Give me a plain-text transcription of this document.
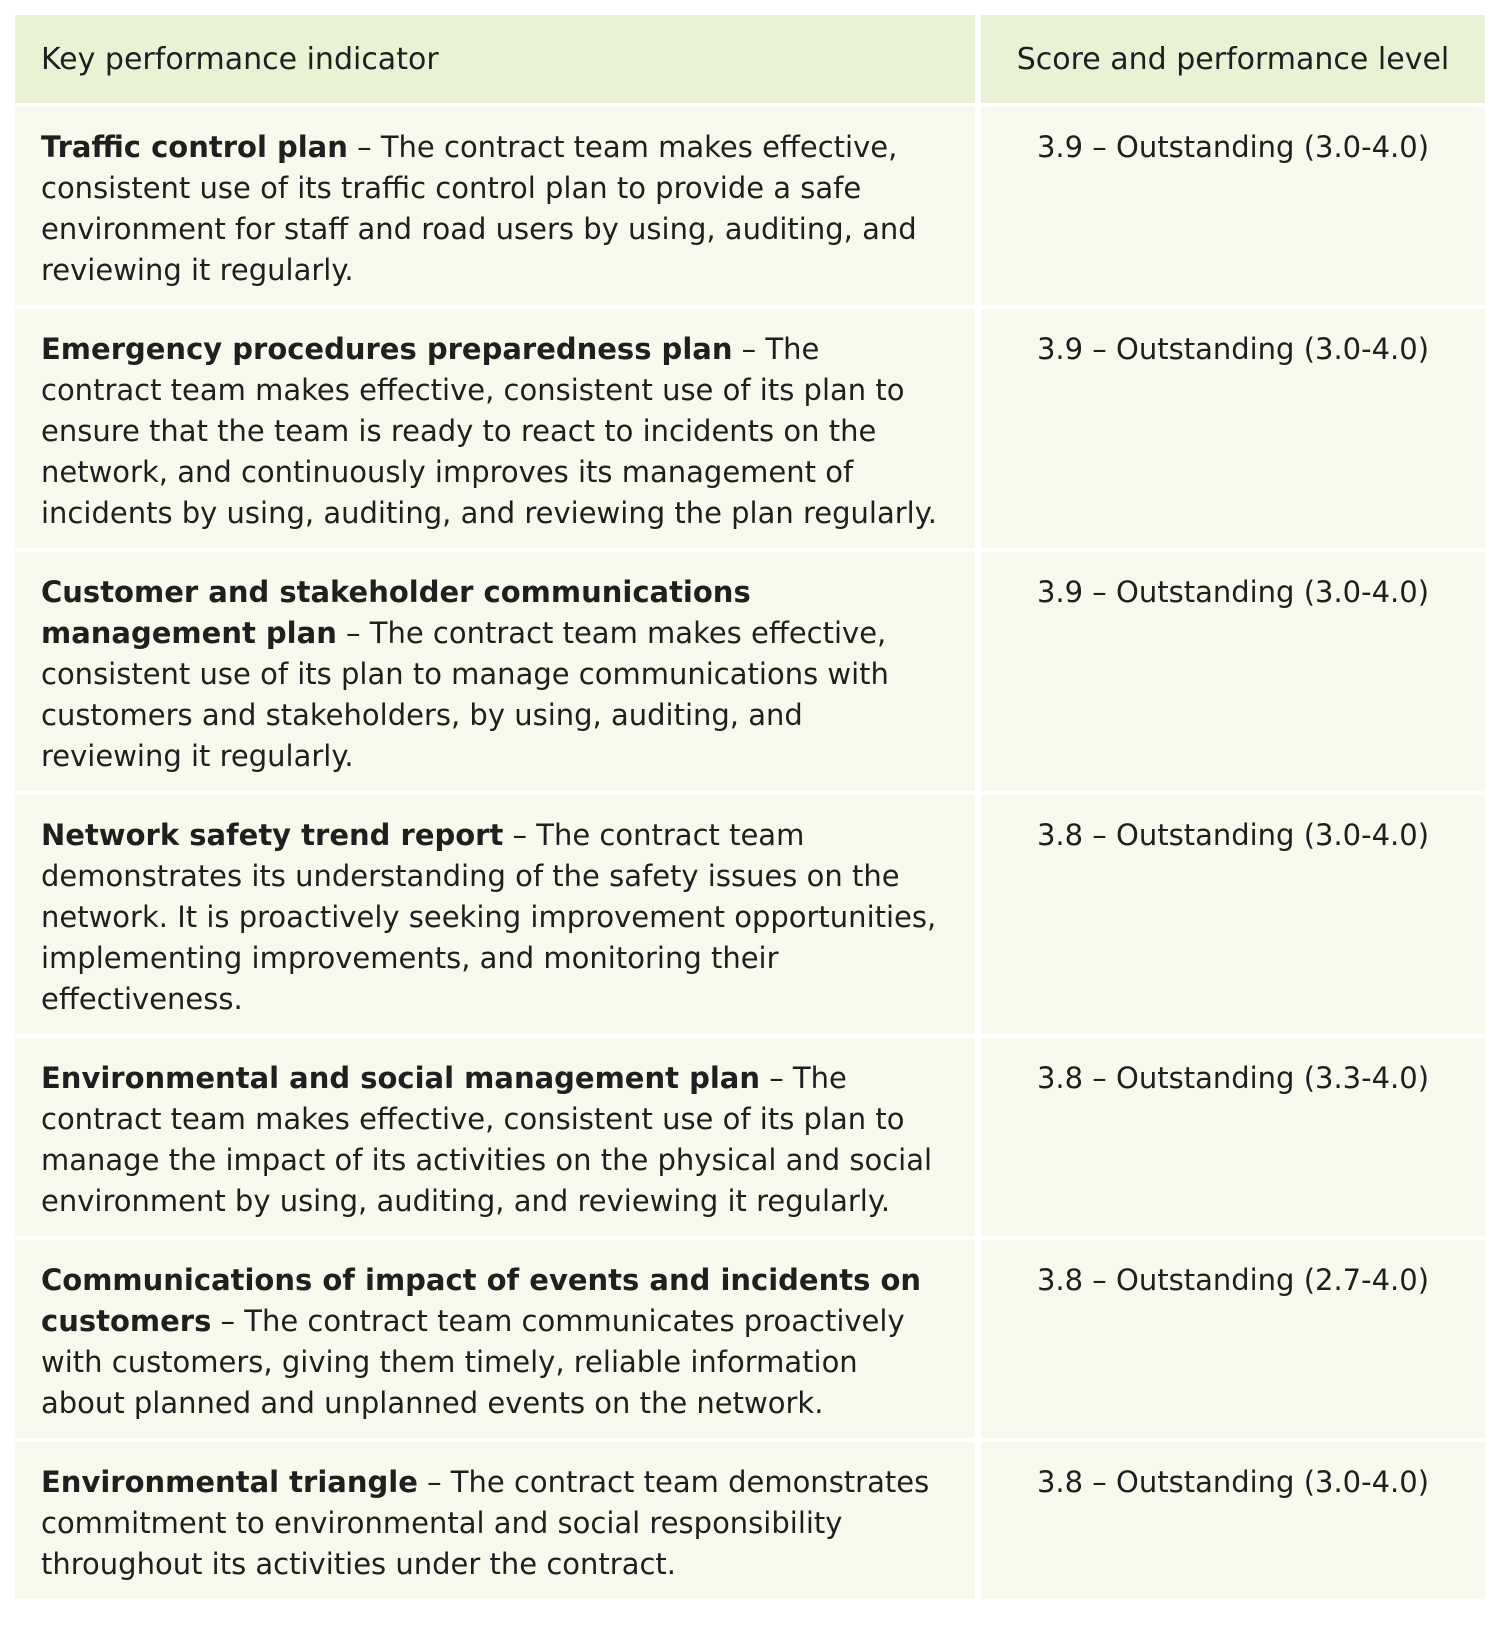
Key performance indicator	Score and performance level
Traffic control plan – The contract team makes effective, consistent use of its traffic control plan to provide a safe environment for staff and road users by using, auditing, and reviewing it regularly.	3.9 – Outstanding (3.0-4.0)
Emergency procedures preparedness plan – The contract team makes effective, consistent use of its plan to ensure that the team is ready to react to incidents on the network, and continuously improves its management of incidents by using, auditing, and reviewing the plan regularly.	3.9 – Outstanding (3.0-4.0)
Customer and stakeholder communications management plan – The contract team makes effective, consistent use of its plan to manage communications with customers and stakeholders, by using, auditing, and reviewing it regularly.	3.9 – Outstanding (3.0-4.0)
Network safety trend report – The contract team demonstrates its understanding of the safety issues on the network. It is proactively seeking improvement opportunities, implementing improvements, and monitoring their effectiveness.	3.8 – Outstanding (3.0-4.0)
Environmental and social management plan – The contract team makes effective, consistent use of its plan to manage the impact of its activities on the physical and social environment by using, auditing, and reviewing it regularly.	3.8 – Outstanding (3.3-4.0)
Communications of impact of events and incidents on customers – The contract team communicates proactively with customers, giving them timely, reliable information about planned and unplanned events on the network.	3.8 – Outstanding (2.7-4.0)
Environmental triangle – The contract team demonstrates commitment to environmental and social responsibility throughout its activities under the contract.	3.8 – Outstanding (3.0-4.0)
